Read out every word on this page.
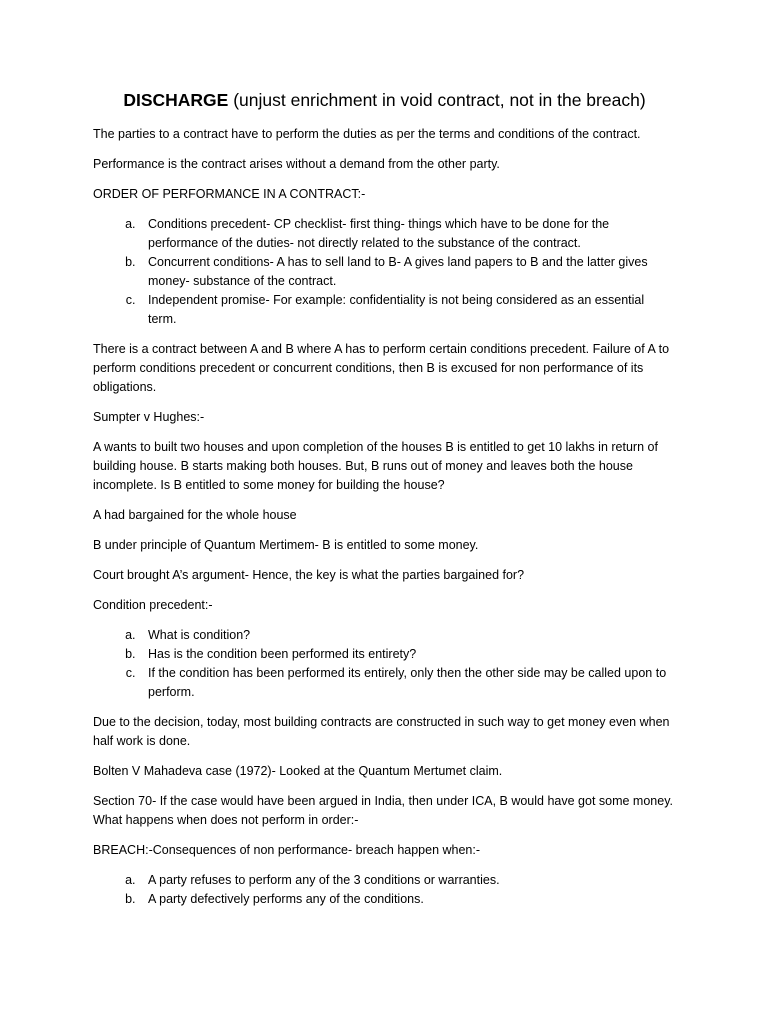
DISCHARGE (unjust enrichment in void contract, not in the breach)

The parties to a contract have to perform the duties as per the terms and conditions of the contract.

Performance is the contract arises without a demand from the other party.

ORDER OF PERFORMANCE IN A CONTRACT:-

a. Conditions precedent- CP checklist- first thing- things which have to be done for the performance of the duties- not directly related to the substance of the contract.
b. Concurrent conditions- A has to sell land to B- A gives land papers to B and the latter gives money- substance of the contract.
c. Independent promise- For example: confidentiality is not being considered as an essential term.

There is a contract between A and B where A has to perform certain conditions precedent. Failure of A to perform conditions precedent or concurrent conditions, then B is excused for non performance of its obligations.

Sumpter v Hughes:-

A wants to built two houses and upon completion of the houses B is entitled to get 10 lakhs in return of building house. B starts making both houses. But, B runs out of money and leaves both the house incomplete. Is B entitled to some money for building the house?

A had bargained for the whole house

B under principle of Quantum Mertimem- B is entitled to some money.

Court brought A’s argument- Hence, the key is what the parties bargained for?

Condition precedent:-

a. What is condition?
b. Has is the condition been performed its entirety?
c. If the condition has been performed its entirely, only then the other side may be called upon to perform.

Due to the decision, today, most building contracts are constructed in such way to get money even when half work is done.

Bolten V Mahadeva case (1972)- Looked at the Quantum Mertumet claim.

Section 70- If the case would have been argued in India, then under ICA, B would have got some money. What happens when does not perform in order:-

BREACH:-Consequences of non performance- breach happen when:-

a. A party refuses to perform any of the 3 conditions or warranties.
b. A party defectively performs any of the conditions.
